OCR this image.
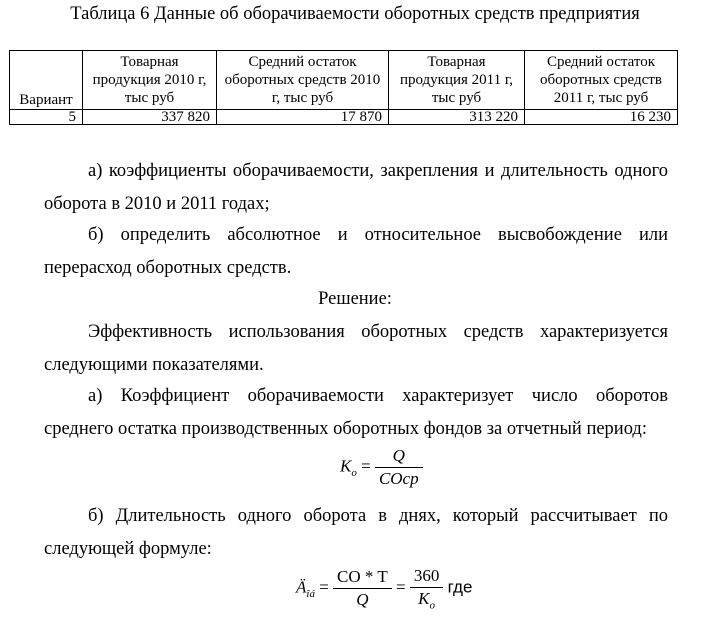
Таблица 6 Данные об оборачиваемости оборотных средств предприятия
Вариант	Товарная продукция 2010 г, тыс руб	Средний остаток оборотных средств 2010 г, тыс руб	Товарная продукция 2011 г, тыс руб	Средний остаток оборотных средств 2011 г, тыс руб
5	337 820	17 870	313 220	16 230
а) коэффициенты оборачиваемости, закрепления и длительность одного оборота в 2010 и 2011 годах;
б) определить абсолютное и относительное высвобождение или перерасход оборотных средств.
Решение:
Эффективность использования оборотных средств характеризуется следующими показателями.
а) Коэффициент оборачиваемости характеризует число оборотов среднего остатка производственных оборотных фондов за отчетный период:
$K_o = \frac{Q}{\text{COcp}}$
б) Длительность одного оборота в днях, который рассчитывает по следующей формуле:
$Ä_{îá} = \frac{CO * T}{Q} = \frac{360}{K_o}$ где
